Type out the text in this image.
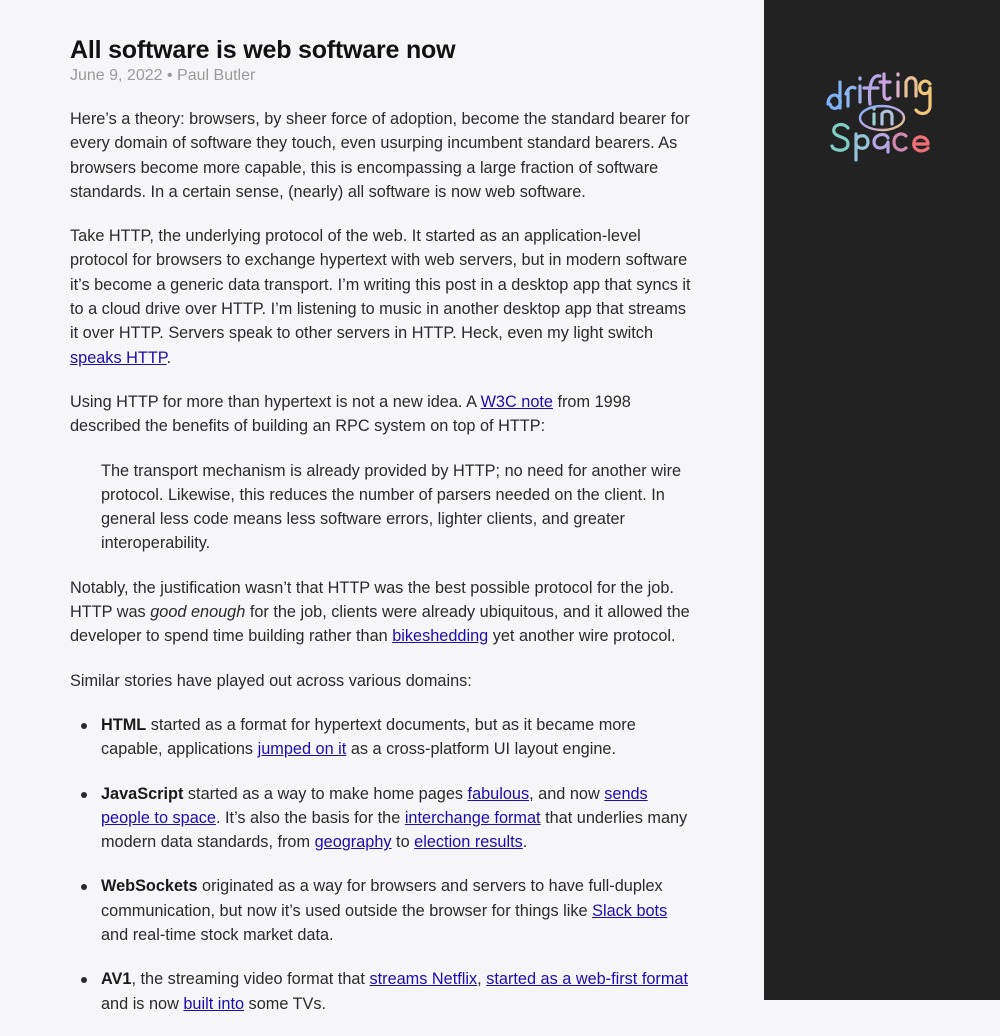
All software is web software now
June 9, 2022 • Paul Butler

Here’s a theory: browsers, by sheer force of adoption, become the standard bearer for every domain of software they touch, even usurping incumbent standard bearers. As browsers become more capable, this is encompassing a large fraction of software standards. In a certain sense, (nearly) all software is now web software.

Take HTTP, the underlying protocol of the web. It started as an application-level protocol for browsers to exchange hypertext with web servers, but in modern software it’s become a generic data transport. I’m writing this post in a desktop app that syncs it to a cloud drive over HTTP. I’m listening to music in another desktop app that streams it over HTTP. Servers speak to other servers in HTTP. Heck, even my light switch speaks HTTP.

Using HTTP for more than hypertext is not a new idea. A W3C note from 1998 described the benefits of building an RPC system on top of HTTP:

The transport mechanism is already provided by HTTP; no need for another wire protocol. Likewise, this reduces the number of parsers needed on the client. In general less code means less software errors, lighter clients, and greater interoperability.

Notably, the justification wasn’t that HTTP was the best possible protocol for the job. HTTP was good enough for the job, clients were already ubiquitous, and it allowed the developer to spend time building rather than bikeshedding yet another wire protocol.

Similar stories have played out across various domains:

HTML started as a format for hypertext documents, but as it became more capable, applications jumped on it as a cross-platform UI layout engine.
JavaScript started as a way to make home pages fabulous, and now sends people to space. It’s also the basis for the interchange format that underlies many modern data standards, from geography to election results.
WebSockets originated as a way for browsers and servers to have full-duplex communication, but now it’s used outside the browser for things like Slack bots and real-time stock market data.
AV1, the streaming video format that streams Netflix, started as a web-first format and is now built into some TVs.
